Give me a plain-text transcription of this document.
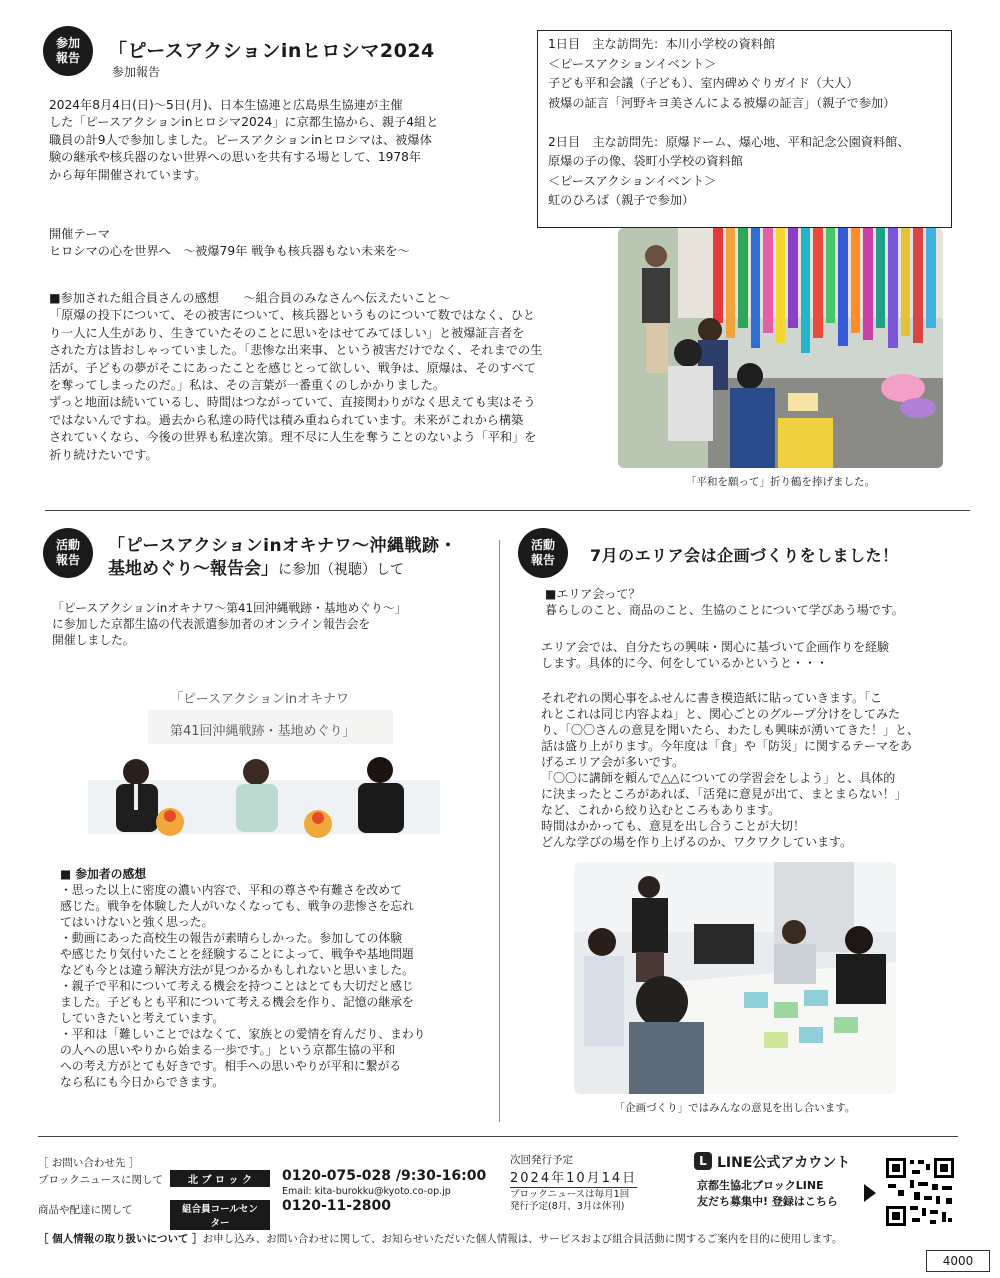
参加
報告 「ピースアクションinヒロシマ2024
参加報告

2024年8月4日(日)～5日(月)、日本生協連と広島県生協連が主催

した「ピースアクションinヒロシマ2024」に京都生協から、親子4組と

職員の計9人で参加しました。ピースアクションinヒロシマは、被爆体

験の継承や核兵器のない世界への思いを共有する場として、1978年

から毎年開催されています。

開催テーマ

ヒロシマの心を世界へ　～被爆79年 戦争も核兵器もない未来を～

■参加された組合員さんの感想　　～組合員のみなさんへ伝えたいこと～

「原爆の投下について、その被害について、核兵器というものについて数ではなく、ひと

り一人に人生があり、生きていたそのことに思いをはせてみてほしい」と被爆証言者を

された方は皆おしゃっていました。「悲惨な出来事、という被害だけでなく、それまでの生

活が、子どもの夢がそこにあったことを感じとって欲しい、戦争は、原爆は、そのすべて

を奪ってしまったのだ。」私は、その言葉が一番重くのしかかりました。

ずっと地面は続いているし、時間はつながっていて、直接関わりがなく思えても実はそう

ではないんですね。過去から私達の時代は積み重ねられています。未来がこれから構築

されていくなら、今後の世界も私達次第。理不尽に人生を奪うことのないよう「平和」を

祈り続けたいです。

1日目　主な訪問先：本川小学校の資料館

＜ピースアクションイベント＞

子ども平和会議（子ども）、室内碑めぐりガイド（大人）

被爆の証言「河野キヨ美さんによる被爆の証言」（親子で参加）

2日目　主な訪問先：原爆ドーム、爆心地、平和記念公園資料館、

原爆の子の像、袋町小学校の資料館

＜ピースアクションイベント＞

虹のひろば（親子で参加）

「平和を願って」折り鶴を捧げました。
活動
報告
「ピースアクションinオキナワ～沖縄戦跡・
基地めぐり～報告会」に参加（視聴）して

「ピースアクションinオキナワ～第41回沖縄戦跡・基地めぐり～」

に参加した京都生協の代表派遣参加者のオンライン報告会を

開催しました。

「ピースアクションinオキナワ
第41回沖縄戦跡・基地めぐり」

■ 参加者の感想

・思った以上に密度の濃い内容で、平和の尊さや有難さを改めて

感じた。戦争を体験した人がいなくなっても、戦争の悲惨さを忘れ

てはいけないと強く思った。

・動画にあった高校生の報告が素晴らしかった。参加しての体験

や感じたり気付いたことを経験することによって、戦争や基地問題

なども今とは違う解決方法が見つかるかもしれないと思いました。

・親子で平和について考える機会を持つことはとても大切だと感じ

ました。子どもとも平和について考える機会を作り、記憶の継承を

していきたいと考えています。

・平和は「難しいことではなくて、家族との愛情を育んだり、まわり

の人への思いやりから始まる一歩です。」という京都生協の平和

への考え方がとても好きです。相手への思いやりが平和に繋がる

なら私にも今日からできます。

活動
報告 7月のエリア会は企画づくりをしました！

■エリア会って？

暮らしのこと、商品のこと、生協のことについて学びあう場です。

エリア会では、自分たちの興味・関心に基づいて企画作りを経験

します。具体的に今、何をしているかというと・・・

それぞれの関心事をふせんに書き模造紙に貼っていきます。「こ

れとこれは同じ内容よね」と、関心ごとのグループ分けをしてみた

り、「〇〇さんの意見を聞いたら、わたしも興味が湧いてきた！」と、

話は盛り上がります。今年度は「食」や「防災」に関するテーマをあ

げるエリア会が多いです。

「〇〇に講師を頼んで△△についての学習会をしよう」と、具体的

に決まったところがあれば、「活発に意見が出て、まとまらない！」

など、これから絞り込むところもあります。

時間はかかっても、意見を出し合うことが大切！

どんな学びの場を作り上げるのか、ワクワクしています。

「企画づくり」ではみんなの意見を出し合います。
［ お問い合わせ先 ］
ブロックニュースに関して	北 ブ ロ ッ ク	0120-075-028 /9:30-16:00
Email: kita-burokku@kyoto.co-op.jp
商品や配達に関して	組合員コールセンター
0120-11-2800
次回発行予定
2024年10月14日
ブロックニュースは毎月1回
発行予定(8月、3月は休刊)
L LINE公式アカウント
京都生協北ブロックLINE
友だち募集中! 登録はこちら
［ 個人情報の取り扱いについて ］お申し込み、お問い合わせに関して、お知らせいただいた個人情報は、サービスおよび組合員活動に関するご案内を目的に使用します。
4000
